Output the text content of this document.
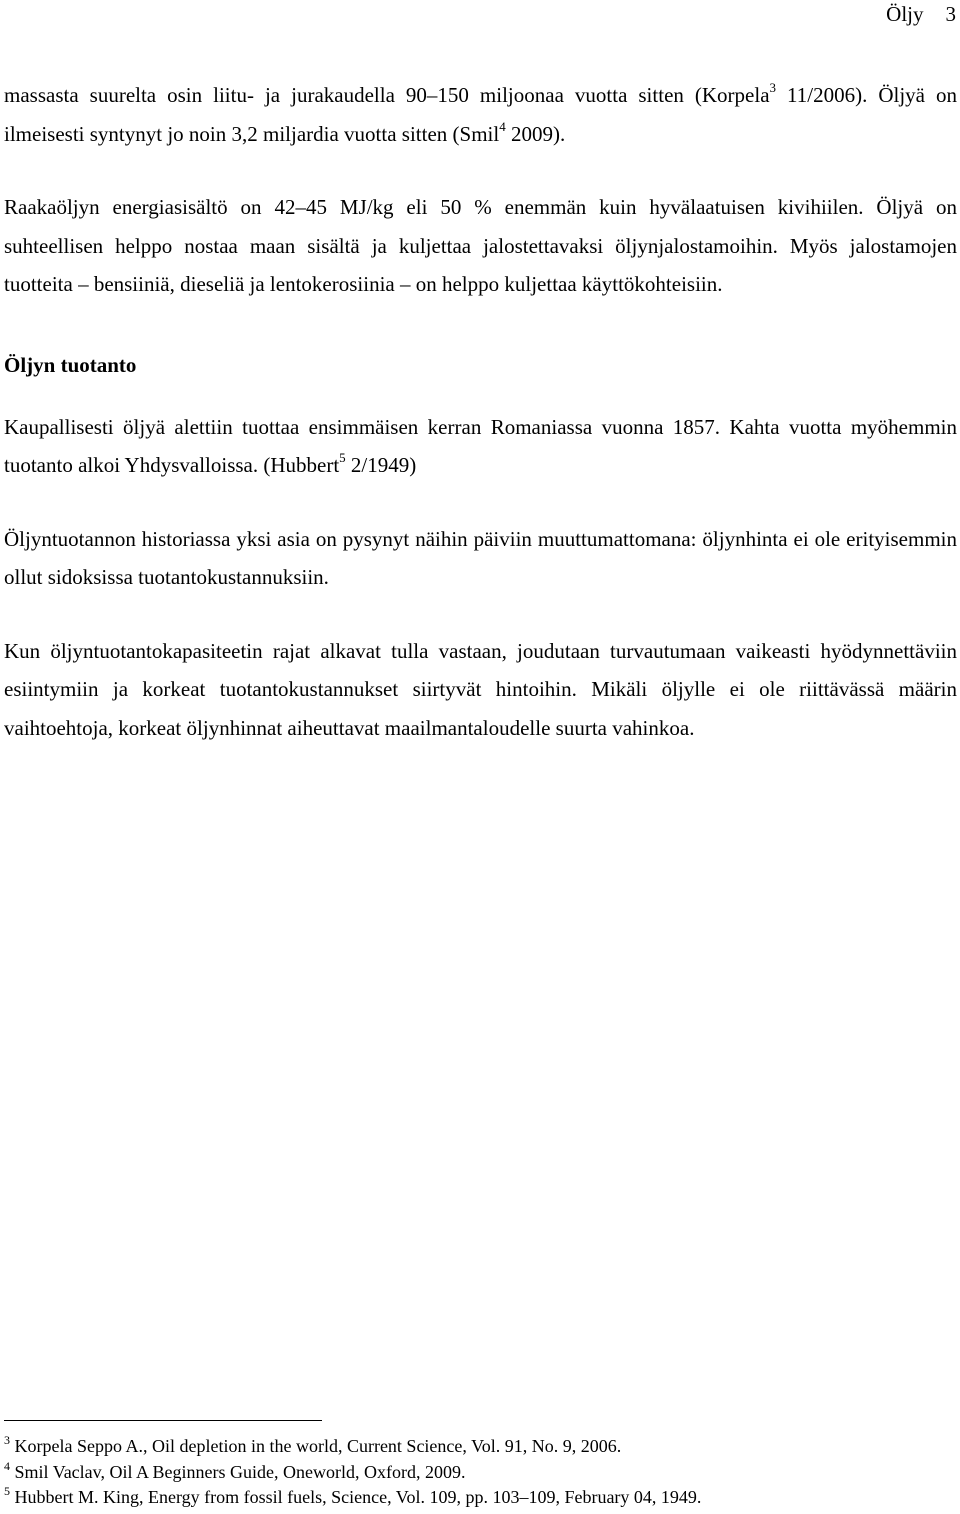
Öljy 3

massasta suurelta osin liitu- ja jurakaudella 90–150 miljoonaa vuotta sitten (Korpela$^3$ 11/2006). Öljyä on ilmeisesti syntynyt jo noin 3,2 miljardia vuotta sitten (Smil$^4$ 2009).

Raakaöljyn energiasisältö on 42–45 MJ/kg eli 50 % enemmän kuin hyvälaatuisen kivihiilen. Öljyä on suhteellisen helppo nostaa maan sisältä ja kuljettaa jalostettavaksi öljynjalostamoihin. Myös jalostamojen tuotteita – bensiiniä, dieseliä ja lentokerosiinia – on helppo kuljettaa käyttökohteisiin.

Öljyn tuotanto

Kaupallisesti öljyä alettiin tuottaa ensimmäisen kerran Romaniassa vuonna 1857. Kahta vuotta myöhemmin tuotanto alkoi Yhdysvalloissa. (Hubbert$^5$ 2/1949)

Öljyntuotannon historiassa yksi asia on pysynyt näihin päiviin muuttumattomana: öljynhinta ei ole erityisemmin ollut sidoksissa tuotantokustannuksiin.

Kun öljyntuotantokapasiteetin rajat alkavat tulla vastaan, joudutaan turvautumaan vaikeasti hyödynnettäviin esiintymiin ja korkeat tuotantokustannukset siirtyvät hintoihin. Mikäli öljylle ei ole riittävässä määrin vaihtoehtoja, korkeat öljynhinnat aiheuttavat maailmantaloudelle suurta vahinkoa.

$^3$ Korpela Seppo A., Oil depletion in the world, Current Science, Vol. 91, No. 9, 2006.
$^4$ Smil Vaclav, Oil A Beginners Guide, Oneworld, Oxford, 2009.
$^5$ Hubbert M. King, Energy from fossil fuels, Science, Vol. 109, pp. 103–109, February 04, 1949.
